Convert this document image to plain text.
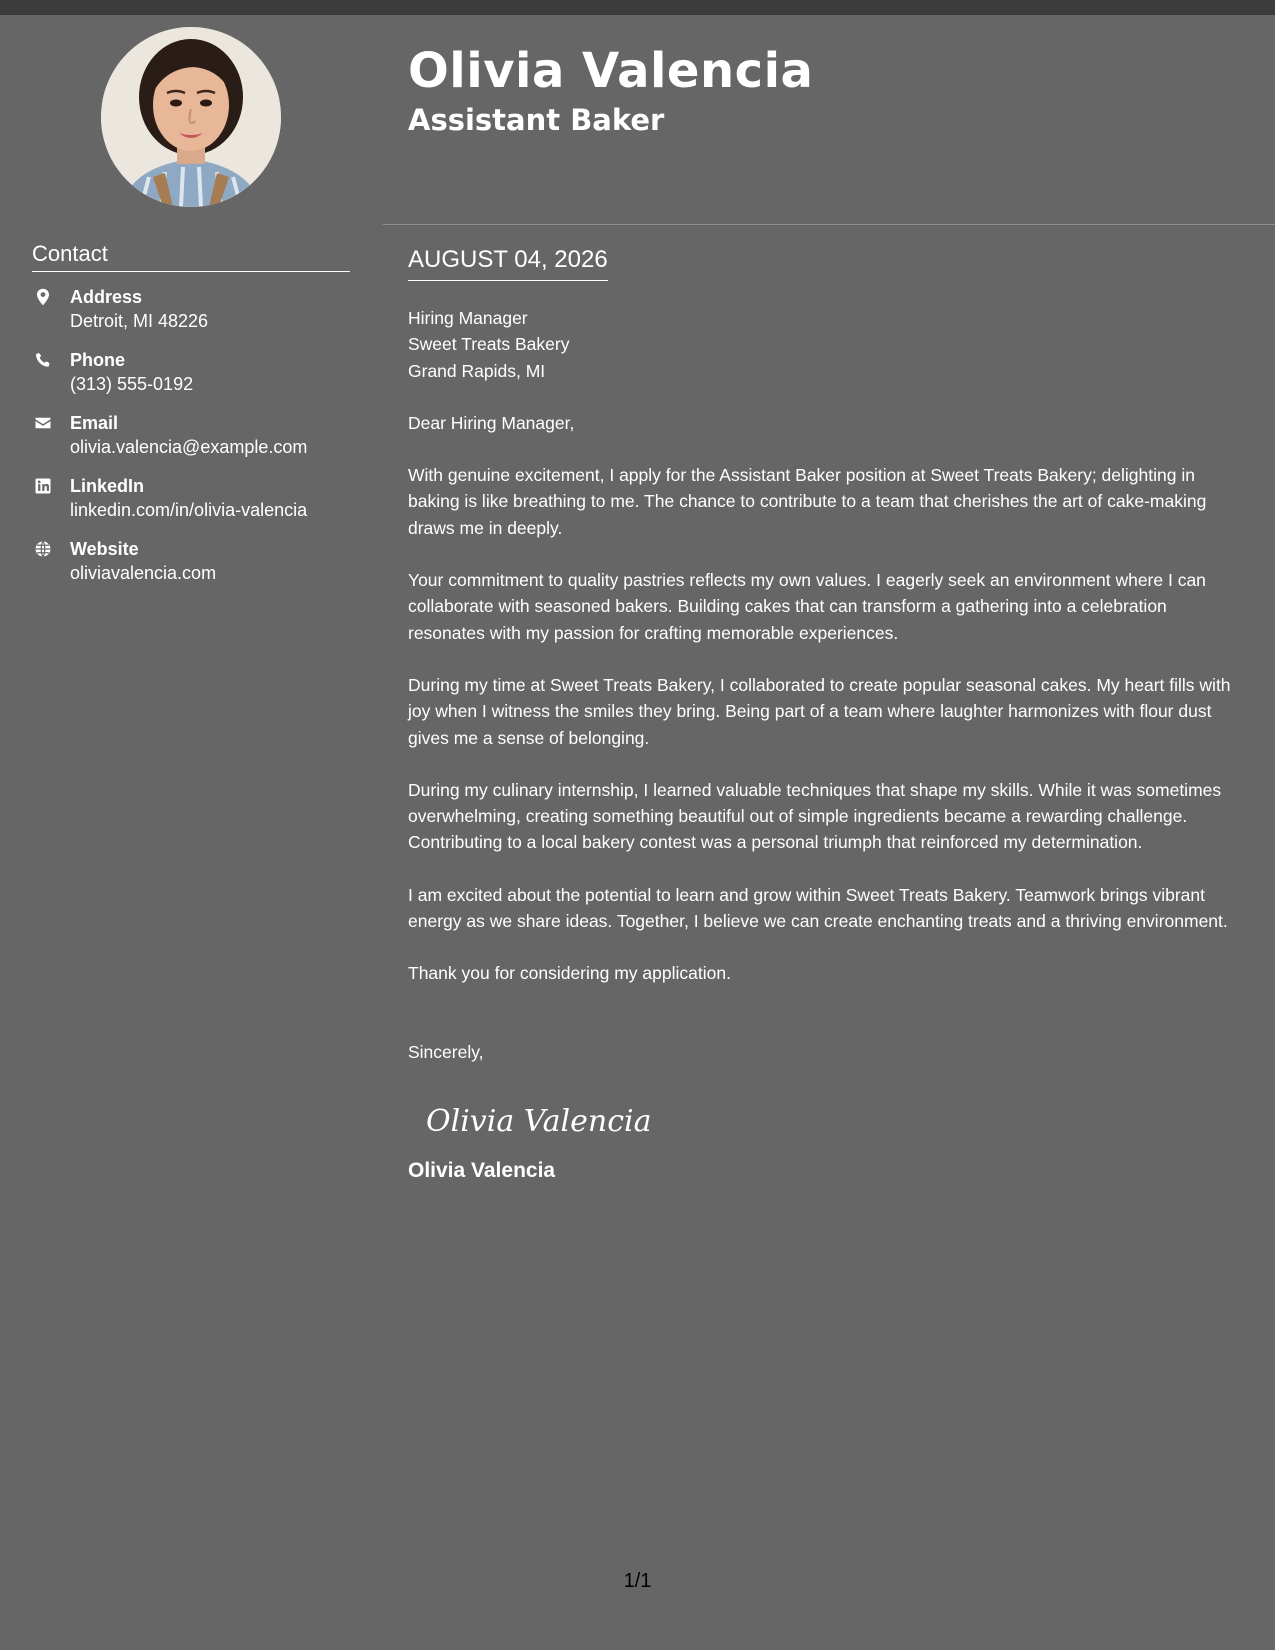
Contact
Address
Detroit, MI 48226
Phone
(313) 555-0192
Email
olivia.valencia@example.com
LinkedIn
linkedin.com/in/olivia-valencia
Website
oliviavalencia.com
Olivia Valencia
Assistant Baker
AUGUST 04, 2026
Hiring Manager
Sweet Treats Bakery
Grand Rapids, MI

Dear Hiring Manager,

With genuine excitement, I apply for the Assistant Baker position at Sweet Treats Bakery; delighting in baking is like breathing to me. The chance to contribute to a team that cherishes the art of cake-making draws me in deeply.

Your commitment to quality pastries reflects my own values. I eagerly seek an environment where I can collaborate with seasoned bakers. Building cakes that can transform a gathering into a celebration resonates with my passion for crafting memorable experiences.

During my time at Sweet Treats Bakery, I collaborated to create popular seasonal cakes. My heart fills with joy when I witness the smiles they bring. Being part of a team where laughter harmonizes with flour dust gives me a sense of belonging.

During my culinary internship, I learned valuable techniques that shape my skills. While it was sometimes overwhelming, creating something beautiful out of simple ingredients became a rewarding challenge. Contributing to a local bakery contest was a personal triumph that reinforced my determination.

I am excited about the potential to learn and grow within Sweet Treats Bakery. Teamwork brings vibrant energy as we share ideas. Together, I believe we can create enchanting treats and a thriving environment.

Thank you for considering my application.

Sincerely,

Olivia Valencia
Olivia Valencia
1/1
